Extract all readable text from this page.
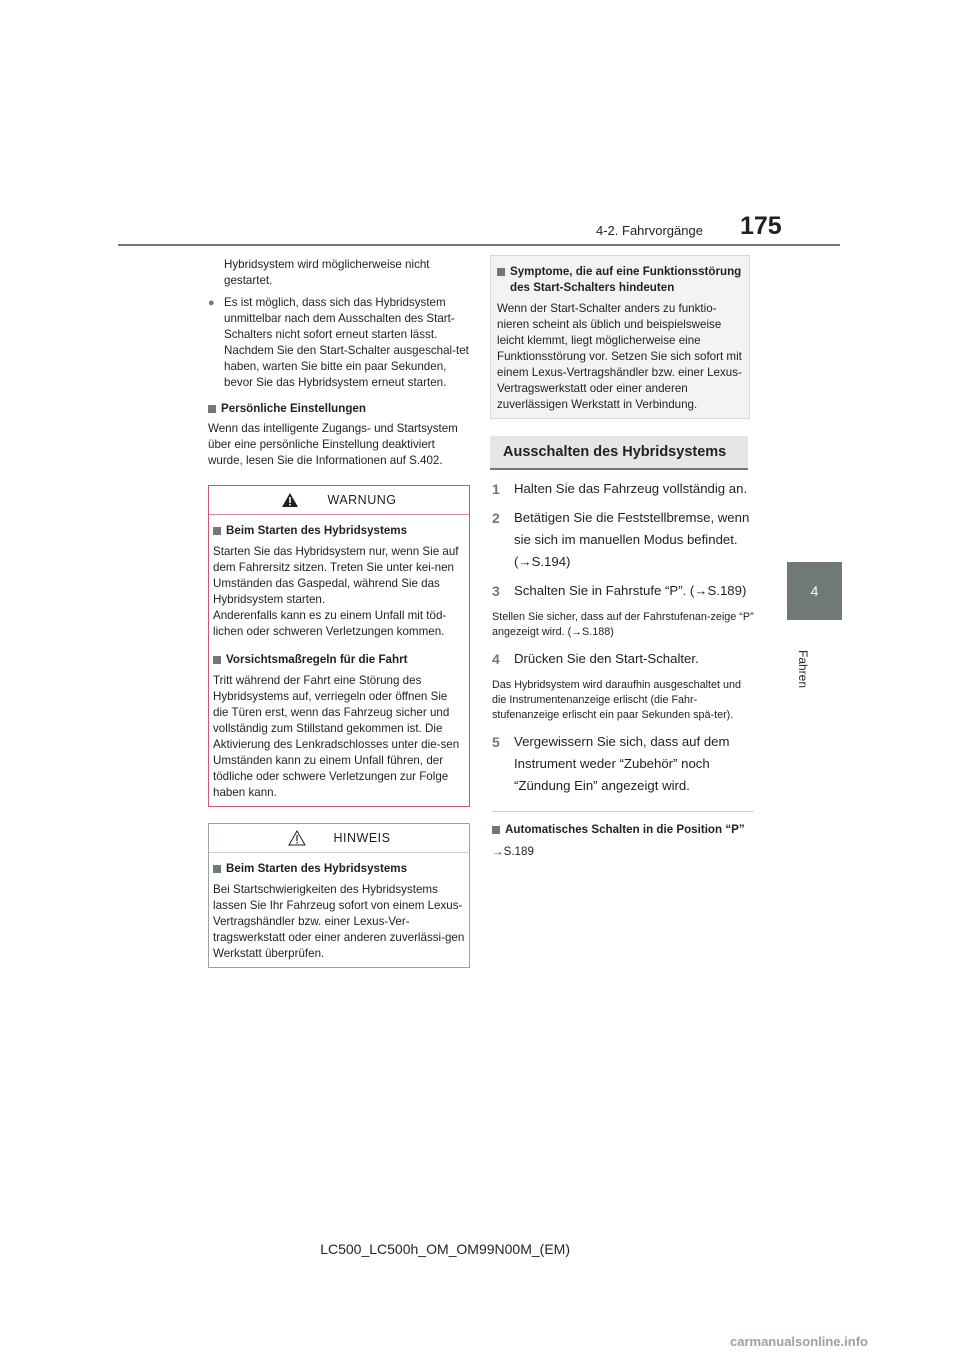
4-2. Fahrvorgänge 175
4
Fahren

Hybridsystem wird möglicherweise nicht gestartet.

● Es ist möglich, dass sich das Hybridsystem unmittelbar nach dem Ausschalten des Start-Schalters nicht sofort erneut starten lässt. Nachdem Sie den Start-Schalter ausgeschal-tet haben, warten Sie bitte ein paar Sekunden, bevor Sie das Hybridsystem erneut starten.

Persönliche Einstellungen

Wenn das intelligente Zugangs- und Startsystem über eine persönliche Einstellung deaktiviert wurde, lesen Sie die Informationen auf S.402.

WARNUNG

Beim Starten des Hybridsystems

Starten Sie das Hybridsystem nur, wenn Sie auf dem Fahrersitz sitzen. Treten Sie unter kei-nen Umständen das Gaspedal, während Sie das Hybridsystem starten.

Anderenfalls kann es zu einem Unfall mit töd-lichen oder schweren Verletzungen kommen.

Vorsichtsmaßregeln für die Fahrt

Tritt während der Fahrt eine Störung des Hybridsystems auf, verriegeln oder öffnen Sie die Türen erst, wenn das Fahrzeug sicher und vollständig zum Stillstand gekommen ist. Die Aktivierung des Lenkradschlosses unter die-sen Umständen kann zu einem Unfall führen, der tödliche oder schwere Verletzungen zur Folge haben kann.

HINWEIS

Beim Starten des Hybridsystems

Bei Startschwierigkeiten des Hybridsystems lassen Sie Ihr Fahrzeug sofort von einem Lexus-Vertragshändler bzw. einer Lexus-Ver-tragswerkstatt oder einer anderen zuverlässi-gen Werkstatt überprüfen.

Symptome, die auf eine Funktionsstörung des Start-Schalters hindeuten

Wenn der Start-Schalter anders zu funktio-nieren scheint als üblich und beispielsweise leicht klemmt, liegt möglicherweise eine Funktionsstörung vor. Setzen Sie sich sofort mit einem Lexus-Vertragshändler bzw. einer Lexus-Vertragswerkstatt oder einer anderen zuverlässigen Werkstatt in Verbindung.

Ausschalten des Hybridsystems
1 Halten Sie das Fahrzeug vollständig an.
2 Betätigen Sie die Feststellbremse, wenn sie sich im manuellen Modus befindet. (→S.194)
3 Schalten Sie in Fahrstufe “P”. (→S.189)

Stellen Sie sicher, dass auf der Fahrstufenan-zeige “P” angezeigt wird. (→S.188)

4 Drücken Sie den Start-Schalter.

Das Hybridsystem wird daraufhin ausgeschaltet und die Instrumentenanzeige erlischt (die Fahr-stufenanzeige erlischt ein paar Sekunden spä-ter).

5 Vergewissern Sie sich, dass auf dem Instrument weder “Zubehör” noch “Zündung Ein” angezeigt wird.

Automatisches Schalten in die Position “P”

→S.189

LC500_LC500h_OM_OM99N00M_(EM)
carmanualsonline.info
